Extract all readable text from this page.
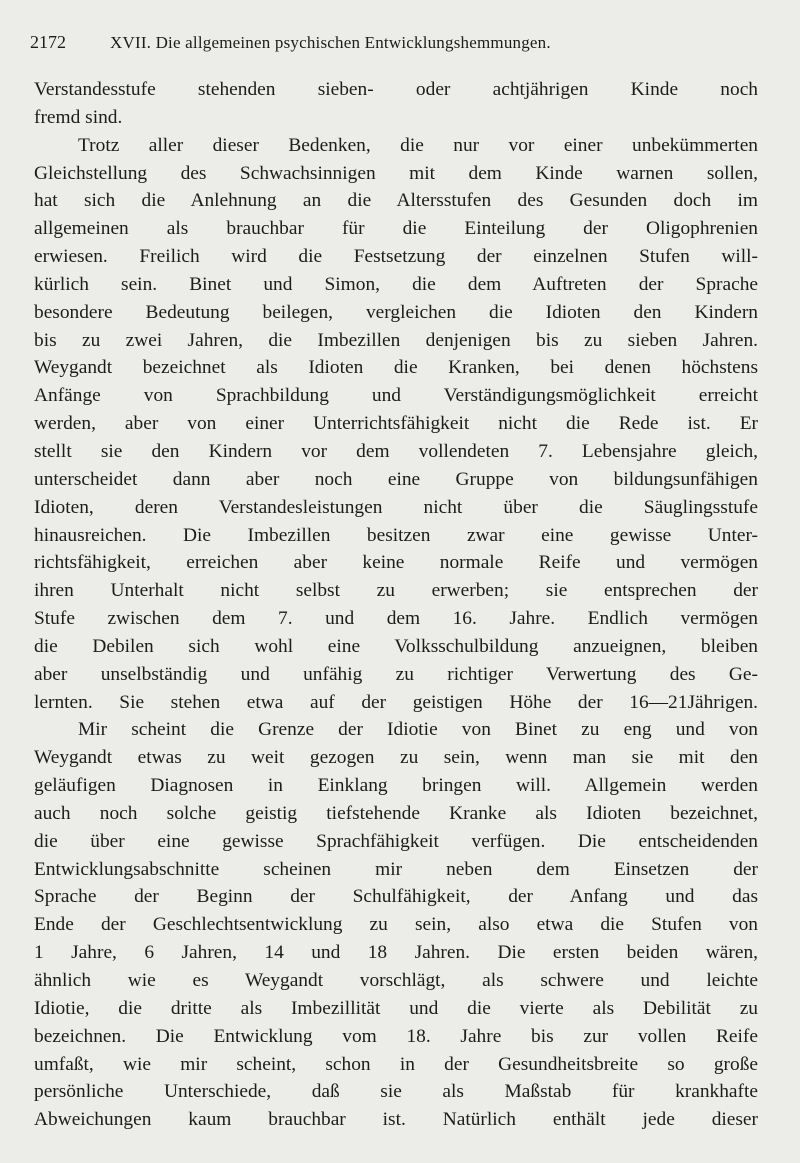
2172	XVII. Die allgemeinen psychischen Entwicklungshemmungen.
Verstandesstufe stehenden sieben- oder achtjährigen Kinde noch
fremd sind.
Trotz aller dieser Bedenken, die nur vor einer unbekümmerten
Gleichstellung des Schwachsinnigen mit dem Kinde warnen sollen,
hat sich die Anlehnung an die Altersstufen des Gesunden doch im
allgemeinen als brauchbar für die Einteilung der Oligophrenien
erwiesen. Freilich wird die Festsetzung der einzelnen Stufen will-
kürlich sein. Binet und Simon, die dem Auftreten der Sprache
besondere Bedeutung beilegen, vergleichen die Idioten den Kindern
bis zu zwei Jahren, die Imbezillen denjenigen bis zu sieben Jahren.
Weygandt bezeichnet als Idioten die Kranken, bei denen höchstens
Anfänge von Sprachbildung und Verständigungsmöglichkeit erreicht
werden, aber von einer Unterrichtsfähigkeit nicht die Rede ist. Er
stellt sie den Kindern vor dem vollendeten 7. Lebensjahre gleich,
unterscheidet dann aber noch eine Gruppe von bildungsunfähigen
Idioten, deren Verstandesleistungen nicht über die Säuglingsstufe
hinausreichen. Die Imbezillen besitzen zwar eine gewisse Unter-
richtsfähigkeit, erreichen aber keine normale Reife und vermögen
ihren Unterhalt nicht selbst zu erwerben; sie entsprechen der
Stufe zwischen dem 7. und dem 16. Jahre. Endlich vermögen
die Debilen sich wohl eine Volksschulbildung anzueignen, bleiben
aber unselbständig und unfähig zu richtiger Verwertung des Ge-
lernten. Sie stehen etwa auf der geistigen Höhe der 16—21Jährigen.
Mir scheint die Grenze der Idiotie von Binet zu eng und von
Weygandt etwas zu weit gezogen zu sein, wenn man sie mit den
geläufigen Diagnosen in Einklang bringen will. Allgemein werden
auch noch solche geistig tiefstehende Kranke als Idioten bezeichnet,
die über eine gewisse Sprachfähigkeit verfügen. Die entscheidenden
Entwicklungsabschnitte scheinen mir neben dem Einsetzen der
Sprache der Beginn der Schulfähigkeit, der Anfang und das
Ende der Geschlechtsentwicklung zu sein, also etwa die Stufen von
1 Jahre, 6 Jahren, 14 und 18 Jahren. Die ersten beiden wären,
ähnlich wie es Weygandt vorschlägt, als schwere und leichte
Idiotie, die dritte als Imbezillität und die vierte als Debilität zu
bezeichnen. Die Entwicklung vom 18. Jahre bis zur vollen Reife
umfaßt, wie mir scheint, schon in der Gesundheitsbreite so große
persönliche Unterschiede, daß sie als Maßstab für krankhafte
Abweichungen kaum brauchbar ist. Natürlich enthält jede dieser
